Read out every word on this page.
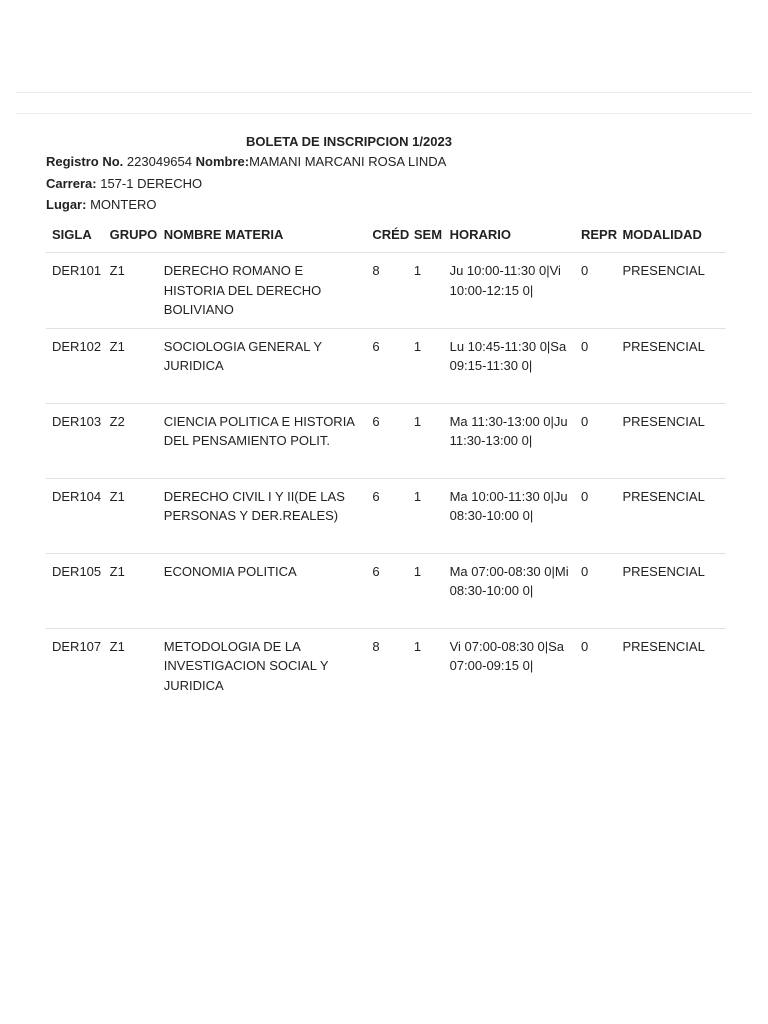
BOLETA DE INSCRIPCION 1/2023
Registro No. 223049654 Nombre:MAMANI MARCANI ROSA LINDA
Carrera: 157-1 DERECHO
Lugar: MONTERO
SIGLA	GRUPO	NOMBRE MATERIA	CRÉD	SEM	HORARIO	REPR	MODALIDAD
DER101	Z1	DERECHO ROMANO E HISTORIA DEL DERECHO BOLIVIANO	8	1	Ju 10:00-11:30 0|Vi 10:00-12:15 0|	0	PRESENCIAL
DER102	Z1	SOCIOLOGIA GENERAL Y JURIDICA	6	1	Lu 10:45-11:30 0|Sa 09:15-11:30 0|	0	PRESENCIAL
DER103	Z2	CIENCIA POLITICA E HISTORIA DEL PENSAMIENTO POLIT.	6	1	Ma 11:30-13:00 0|Ju 11:30-13:00 0|	0	PRESENCIAL
DER104	Z1	DERECHO CIVIL I Y II(DE LAS PERSONAS Y DER.REALES)	6	1	Ma 10:00-11:30 0|Ju 08:30-10:00 0|	0	PRESENCIAL
DER105	Z1	ECONOMIA POLITICA	6	1	Ma 07:00-08:30 0|Mi 08:30-10:00 0|	0	PRESENCIAL
DER107	Z1	METODOLOGIA DE LA INVESTIGACION SOCIAL Y JURIDICA	8	1	Vi 07:00-08:30 0|Sa 07:00-09:15 0|	0	PRESENCIAL
